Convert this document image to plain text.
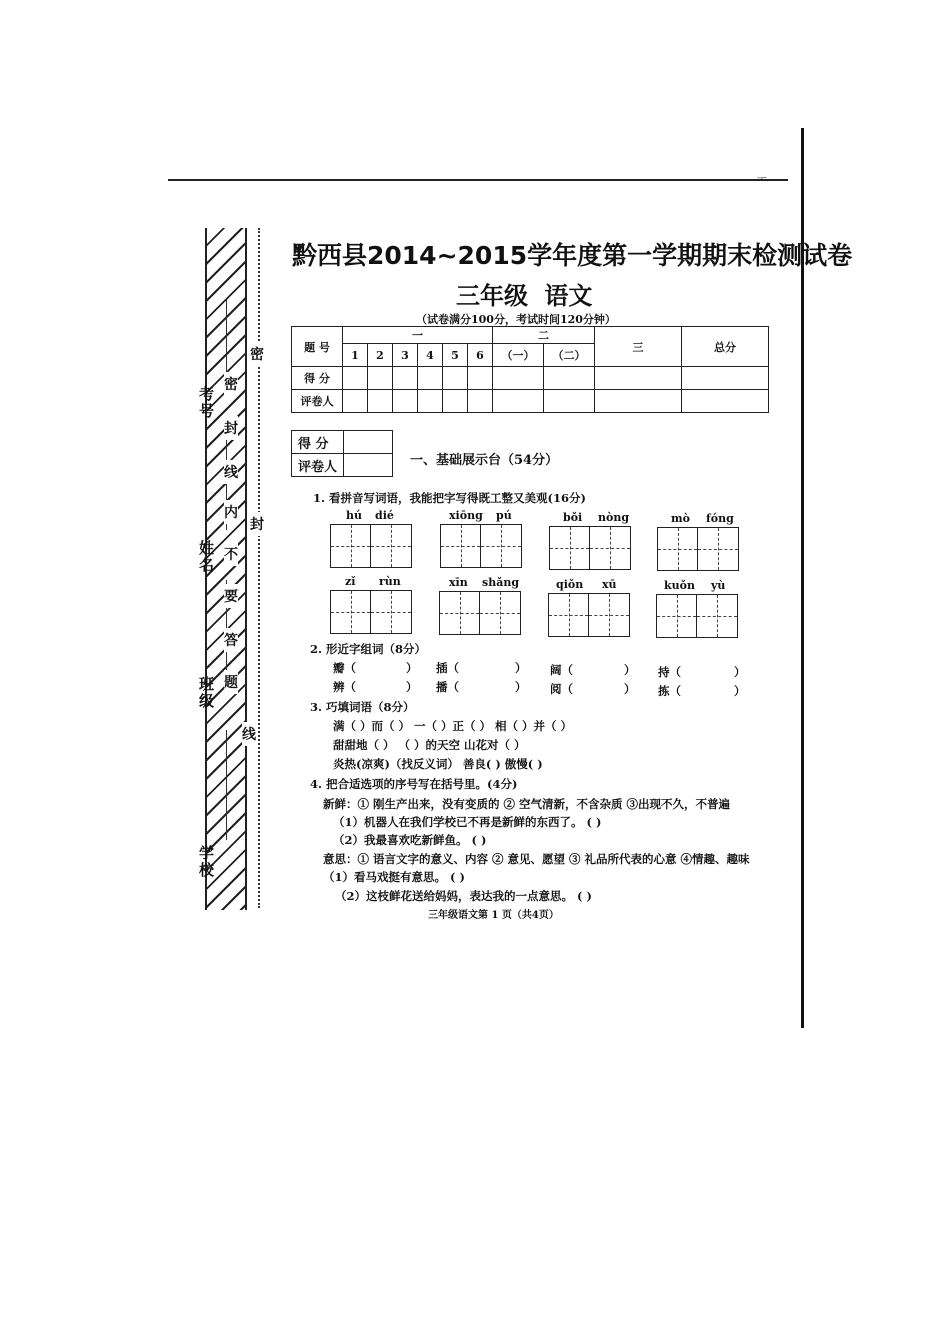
ᅮ
考号
姓名
班级
学校
密
封
线
内
不
要
答
题
密
封
线
黔西县2014~2015学年度第一学期期末检测试卷
三年级 语文
（试卷满分100分，考试时间120分钟）
题 号	一						二		三	总分
	1	2	3	4	5	6	（一）	（二）		
得 分										
评卷人										
得 分	
评卷人		一、基础展示台（54分）
1. 看拼音写词语，我能把字写得既工整又美观(16分)
hú dié	xiōng pú	bǒi nòng	mò fóng
zǐ rùn	xīn shǎng	qiǒn xū	kuǒn yù
2. 形近字组词（8分）
瓣（	） 插（	） 阔（	） 持（	）
辨（	） 播（	） 阅（	） 拣（	）
3. 巧填词语（8分）
满（ ）而（ ） 一（ ）正（ ） 相（ ）并（ ）
甜甜地（ ） （ ）的天空 山花对（ ）
炎热(凉爽)（找反义词） 善良( ) 傲慢( )
4. 把合适选项的序号写在括号里。(4分)
新鲜：① 刚生产出来，没有变质的 ② 空气清新，不含杂质 ③出现不久，不普遍
（1）机器人在我们学校已不再是新鲜的东西了。 ( )
（2）我最喜欢吃新鲜鱼。 ( )
意思：① 语言文字的意义、内容 ② 意见、愿望 ③ 礼品所代表的心意 ④情趣、趣味
（1）看马戏挺有意思。 ( )
（2）这枝鲜花送给妈妈，表达我的一点意思。 ( )
三年级语文第 1 页（共4页）
